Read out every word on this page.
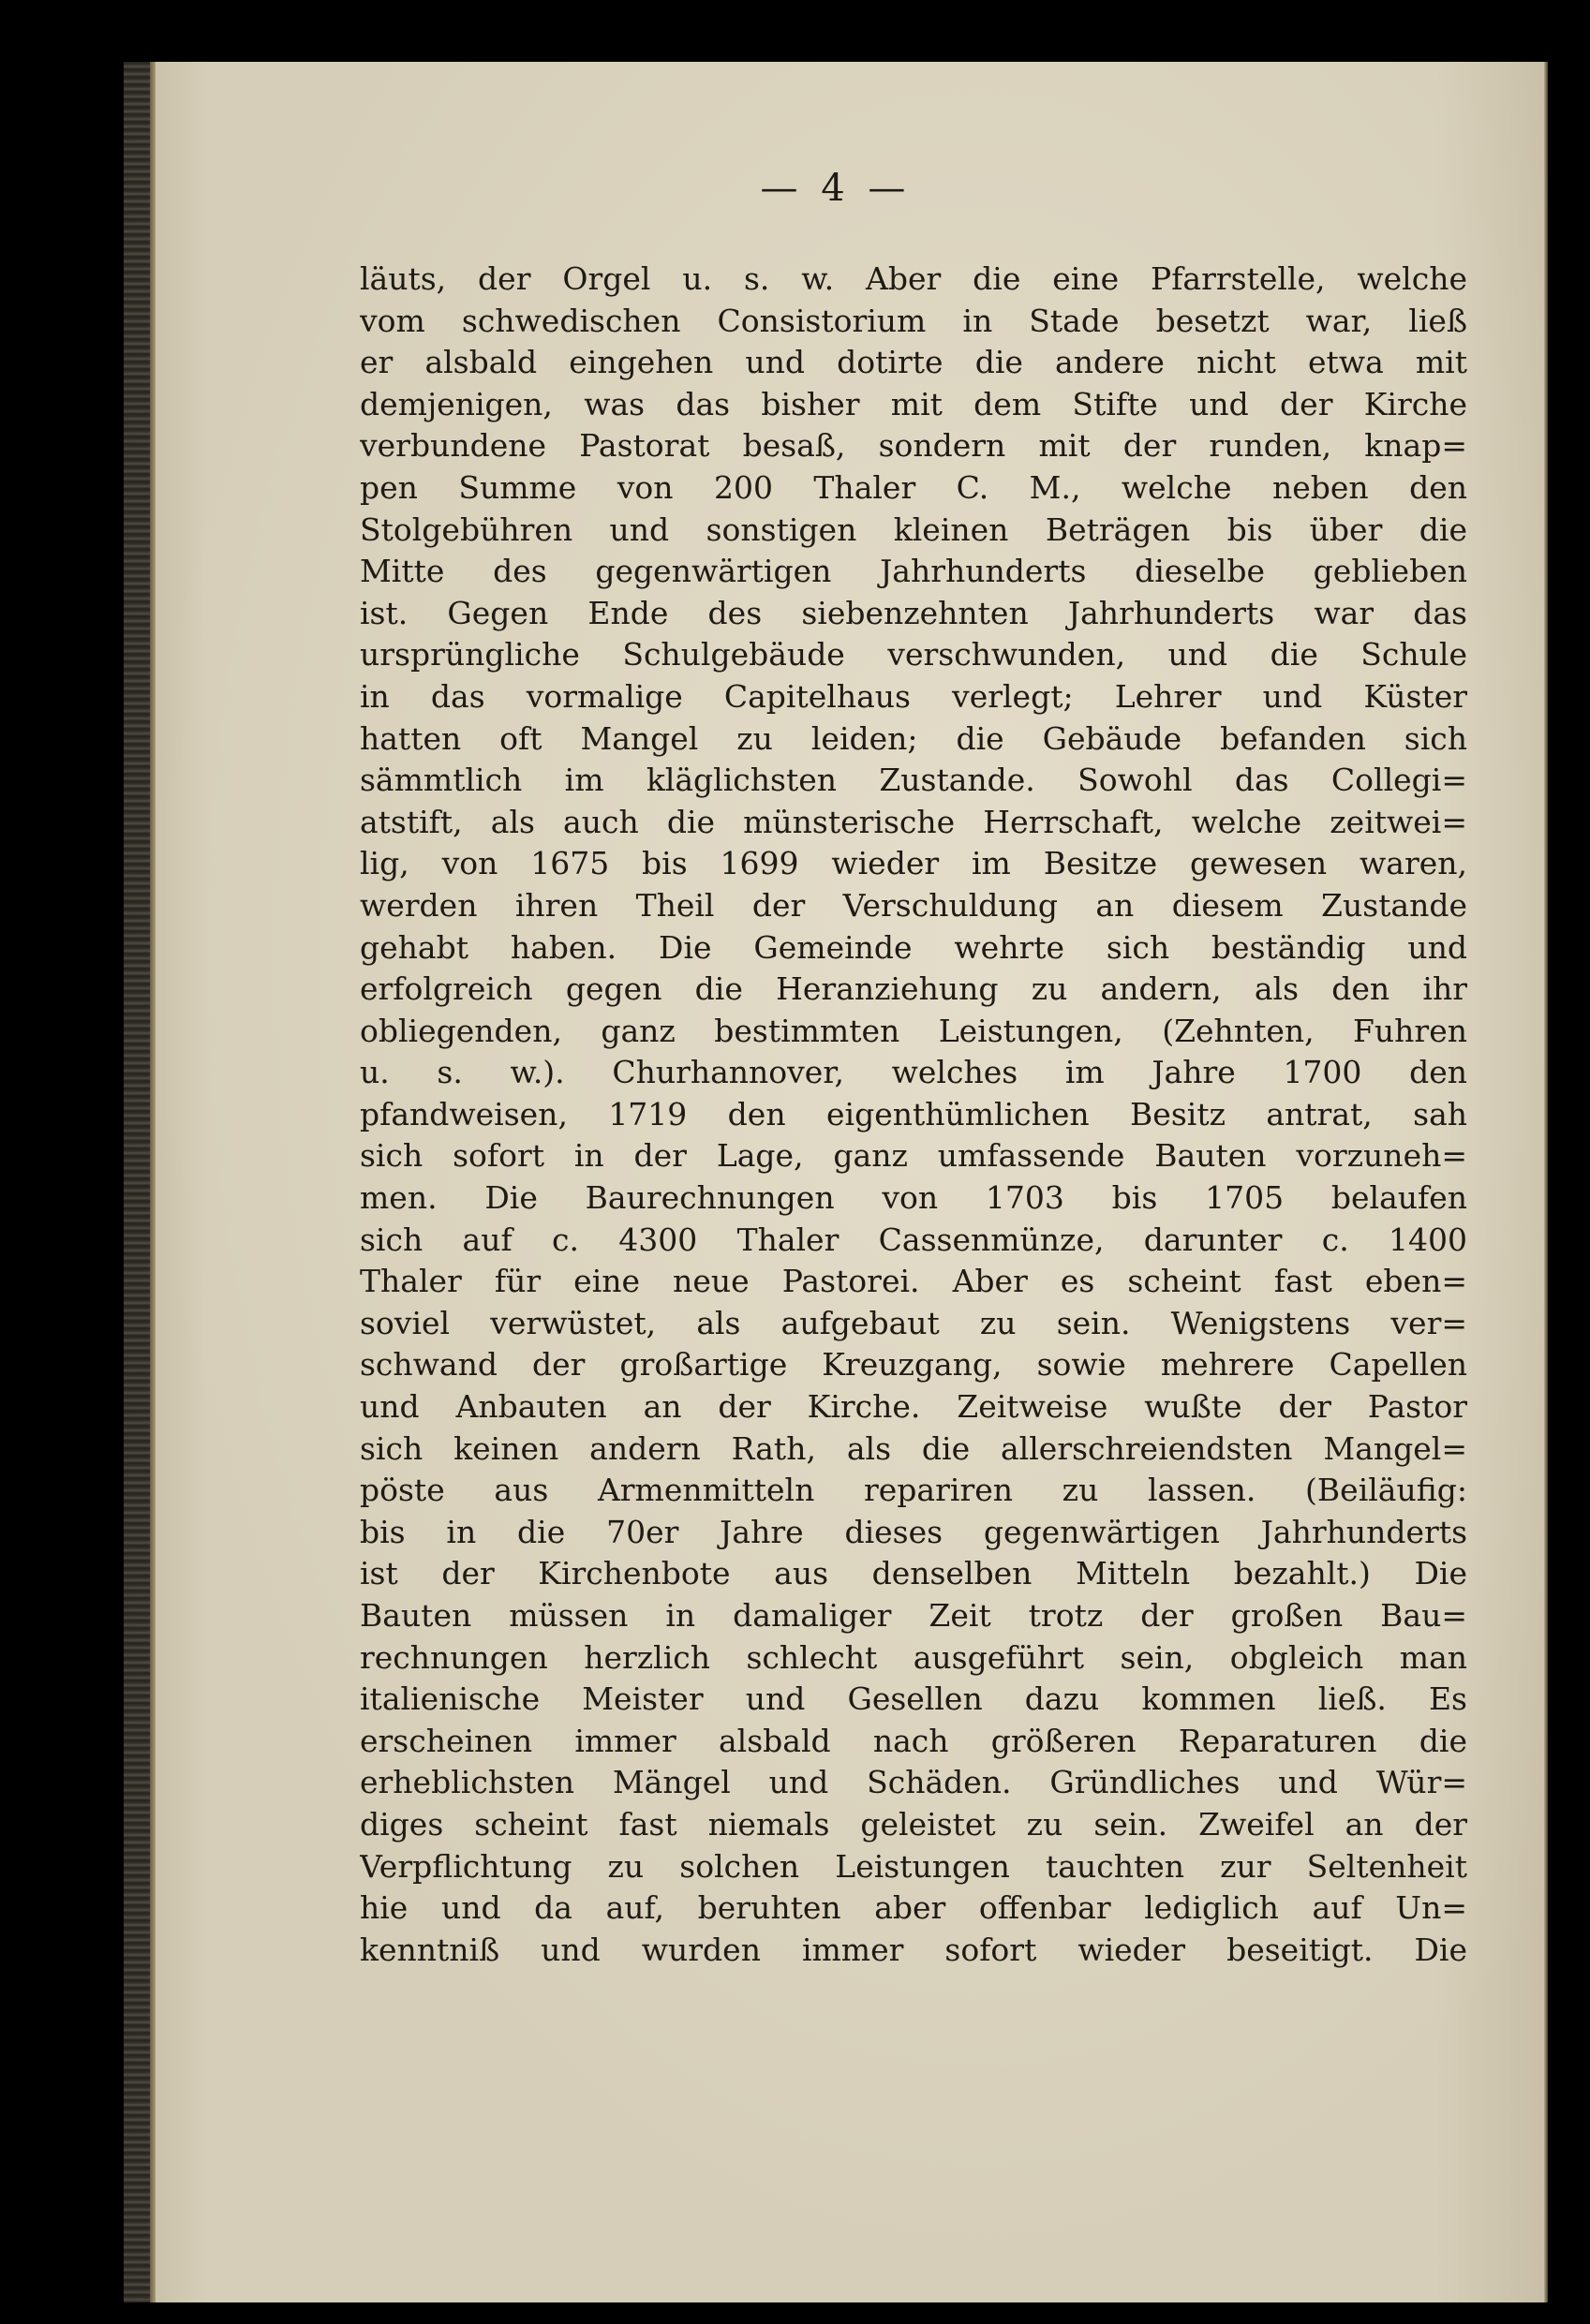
— 4 —
läuts, der Orgel u. s. w. Aber die eine Pfarrstelle, welche
vom schwedischen Consistorium in Stade besetzt war, ließ
er alsbald eingehen und dotirte die andere nicht etwa mit
demjenigen, was das bisher mit dem Stifte und der Kirche
verbundene Pastorat besaß, sondern mit der runden, knap=
pen Summe von 200 Thaler C. M., welche neben den
Stolgebühren und sonstigen kleinen Beträgen bis über die
Mitte des gegenwärtigen Jahrhunderts dieselbe geblieben
ist. Gegen Ende des siebenzehnten Jahrhunderts war das
ursprüngliche Schulgebäude verschwunden, und die Schule
in das vormalige Capitelhaus verlegt; Lehrer und Küster
hatten oft Mangel zu leiden; die Gebäude befanden sich
sämmtlich im kläglichsten Zustande. Sowohl das Collegi=
atstift, als auch die münsterische Herrschaft, welche zeitwei=
lig, von 1675 bis 1699 wieder im Besitze gewesen waren,
werden ihren Theil der Verschuldung an diesem Zustande
gehabt haben. Die Gemeinde wehrte sich beständig und
erfolgreich gegen die Heranziehung zu andern, als den ihr
obliegenden, ganz bestimmten Leistungen, (Zehnten, Fuhren
u. s. w.). Churhannover, welches im Jahre 1700 den
pfandweisen, 1719 den eigenthümlichen Besitz antrat, sah
sich sofort in der Lage, ganz umfassende Bauten vorzuneh=
men. Die Baurechnungen von 1703 bis 1705 belaufen
sich auf c. 4300 Thaler Cassenmünze, darunter c. 1400
Thaler für eine neue Pastorei. Aber es scheint fast eben=
soviel verwüstet, als aufgebaut zu sein. Wenigstens ver=
schwand der großartige Kreuzgang, sowie mehrere Capellen
und Anbauten an der Kirche. Zeitweise wußte der Pastor
sich keinen andern Rath, als die allerschreiendsten Mangel=
pöste aus Armenmitteln repariren zu lassen. (Beiläufig:
bis in die 70er Jahre dieses gegenwärtigen Jahrhunderts
ist der Kirchenbote aus denselben Mitteln bezahlt.) Die
Bauten müssen in damaliger Zeit trotz der großen Bau=
rechnungen herzlich schlecht ausgeführt sein, obgleich man
italienische Meister und Gesellen dazu kommen ließ. Es
erscheinen immer alsbald nach größeren Reparaturen die
erheblichsten Mängel und Schäden. Gründliches und Wür=
diges scheint fast niemals geleistet zu sein. Zweifel an der
Verpflichtung zu solchen Leistungen tauchten zur Seltenheit
hie und da auf, beruhten aber offenbar lediglich auf Un=
kenntniß und wurden immer sofort wieder beseitigt. Die
